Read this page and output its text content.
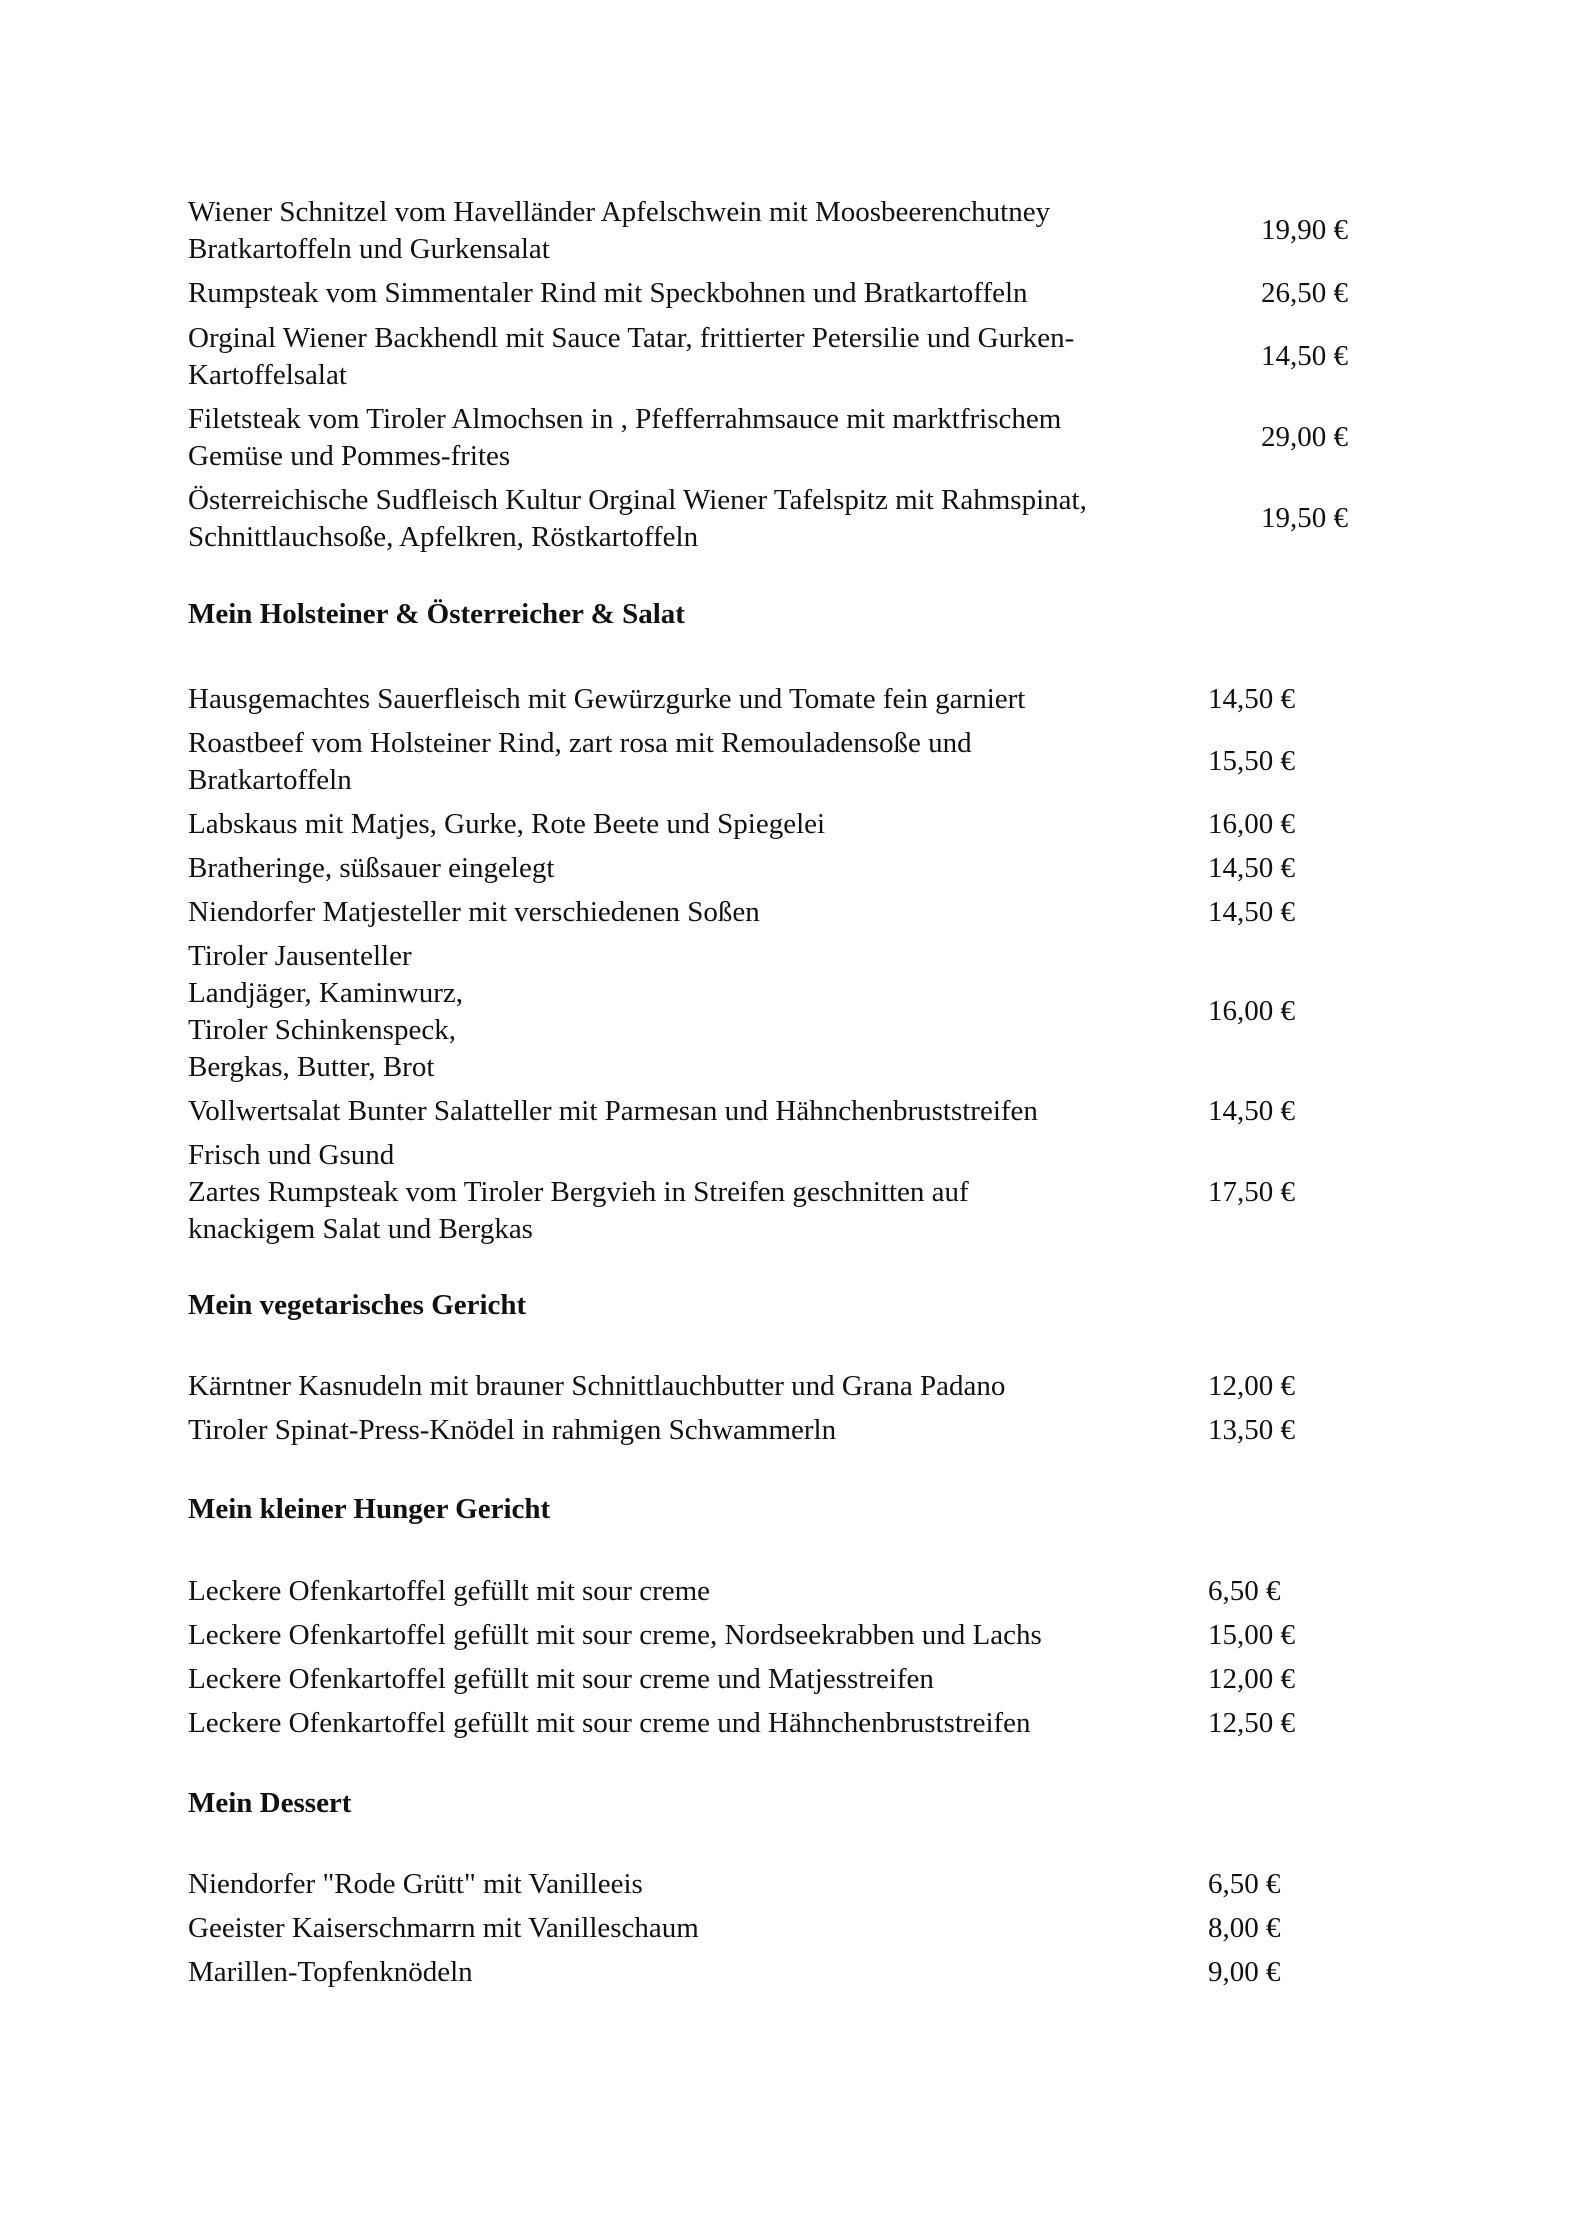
Wiener Schnitzel vom Havelländer Apfelschwein mit Moosbeerenchutney
Bratkartoffeln und Gurkensalat
19,90 €
Rumpsteak vom Simmentaler Rind mit Speckbohnen und Bratkartoffeln	26,50 €
Orginal Wiener Backhendl mit Sauce Tatar, frittierter Petersilie und Gurken-
Kartoffelsalat
14,50 €
Filetsteak vom Tiroler Almochsen in , Pfefferrahmsauce mit marktfrischem
Gemüse und Pommes-frites
29,00 €
Österreichische Sudfleisch Kultur Orginal Wiener Tafelspitz mit Rahmspinat,
Schnittlauchsoße, Apfelkren, Röstkartoffeln
19,50 €

Mein Holsteiner & Österreicher & Salat

Hausgemachtes Sauerfleisch mit Gewürzgurke und Tomate fein garniert	14,50 €
Roastbeef vom Holsteiner Rind, zart rosa mit Remouladensoße und
Bratkartoffeln
15,50 €
Labskaus mit Matjes, Gurke, Rote Beete und Spiegelei	16,00 €
Bratheringe, süßsauer eingelegt	14,50 €
Niendorfer Matjesteller mit verschiedenen Soßen	14,50 €
Tiroler Jausenteller
Landjäger, Kaminwurz,
Tiroler Schinkenspeck,
Bergkas, Butter, Brot
16,00 €
Vollwertsalat Bunter Salatteller mit Parmesan und Hähnchenbruststreifen	14,50 €
Frisch und Gsund
Zartes Rumpsteak vom Tiroler Bergvieh in Streifen geschnitten auf
knackigem Salat und Bergkas
17,50 €

Mein vegetarisches Gericht

Kärntner Kasnudeln mit brauner Schnittlauchbutter und Grana Padano	12,00 €
Tiroler Spinat-Press-Knödel in rahmigen Schwammerln	13,50 €

Mein kleiner Hunger Gericht

Leckere Ofenkartoffel gefüllt mit sour creme	6,50 €
Leckere Ofenkartoffel gefüllt mit sour creme, Nordseekrabben und Lachs	15,00 €
Leckere Ofenkartoffel gefüllt mit sour creme und Matjesstreifen	12,00 €
Leckere Ofenkartoffel gefüllt mit sour creme und Hähnchenbruststreifen	12,50 €

Mein Dessert

Niendorfer "Rode Grütt" mit Vanilleeis	6,50 €
Geeister Kaiserschmarrn mit Vanilleschaum	8,00 €
Marillen-Topfenknödeln	9,00 €
